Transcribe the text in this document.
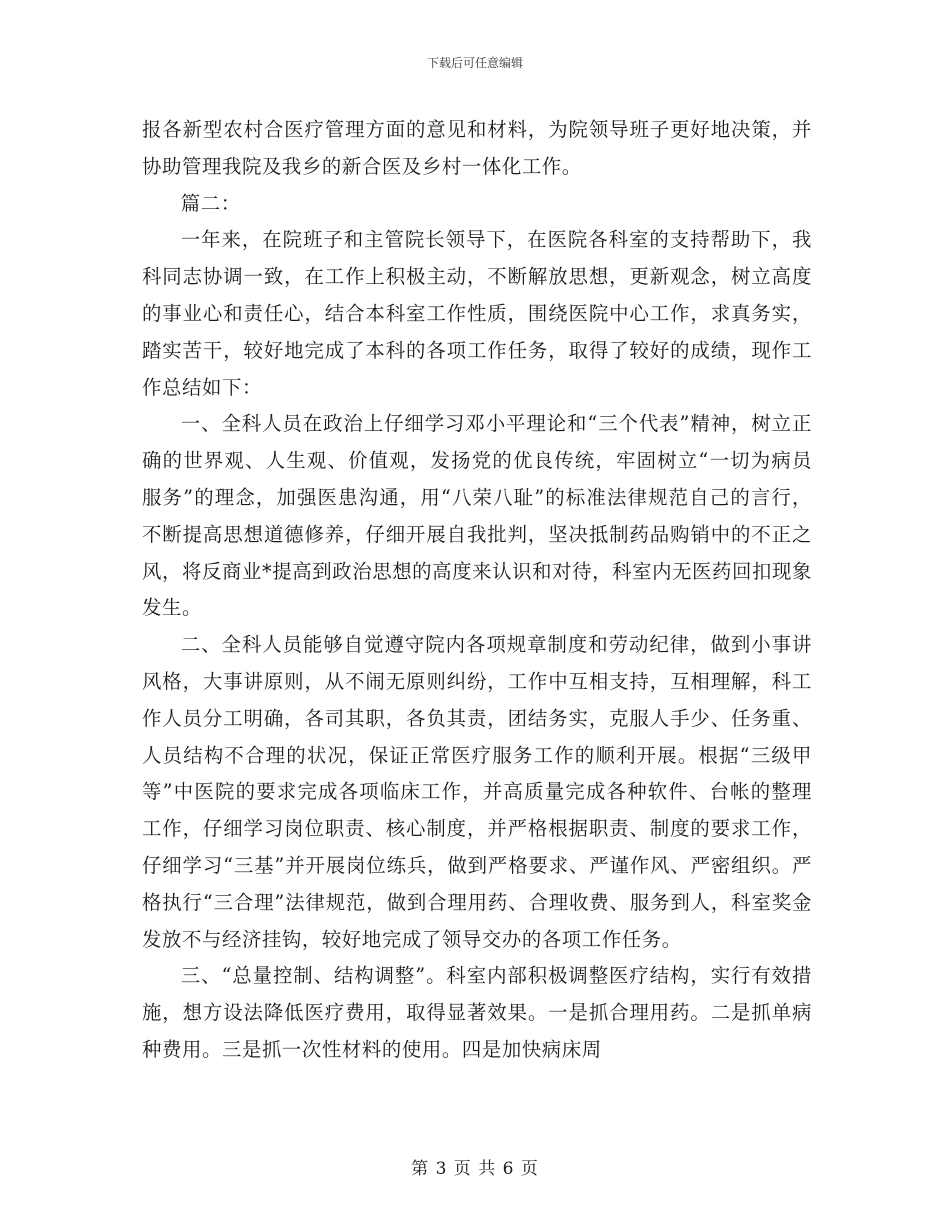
下载后可任意编辑

报各新型农村合医疗管理方面的意见和材料，为院领导班子更好地决策，并协助管理我院及我乡的新合医及乡村一体化工作。

篇二：

一年来，在院班子和主管院长领导下，在医院各科室的支持帮助下，我科同志协调一致，在工作上积极主动，不断解放思想，更新观念，树立高度的事业心和责任心，结合本科室工作性质，围绕医院中心工作，求真务实，踏实苦干，较好地完成了本科的各项工作任务，取得了较好的成绩，现作工作总结如下：

一、全科人员在政治上仔细学习邓小平理论和“三个代表”精神，树立正确的世界观、人生观、价值观，发扬党的优良传统，牢固树立“一切为病员服务”的理念，加强医患沟通，用“八荣八耻”的标准法律规范自己的言行，不断提高思想道德修养，仔细开展自我批判，坚决抵制药品购销中的不正之风，将反商业*提高到政治思想的高度来认识和对待，科室内无医药回扣现象发生。

二、全科人员能够自觉遵守院内各项规章制度和劳动纪律，做到小事讲风格，大事讲原则，从不闹无原则纠纷，工作中互相支持，互相理解，科工作人员分工明确，各司其职，各负其责，团结务实，克服人手少、任务重、人员结构不合理的状况，保证正常医疗服务工作的顺利开展。根据“三级甲等”中医院的要求完成各项临床工作，并高质量完成各种软件、台帐的整理工作，仔细学习岗位职责、核心制度，并严格根据职责、制度的要求工作，仔细学习“三基”并开展岗位练兵，做到严格要求、严谨作风、严密组织。严格执行“三合理”法律规范，做到合理用药、合理收费、服务到人，科室奖金发放不与经济挂钩，较好地完成了领导交办的各项工作任务。

三、“总量控制、结构调整”。科室内部积极调整医疗结构，实行有效措施，想方设法降低医疗费用，取得显著效果。一是抓合理用药。二是抓单病种费用。三是抓一次性材料的使用。四是加快病床周

第 3 页 共 6 页
